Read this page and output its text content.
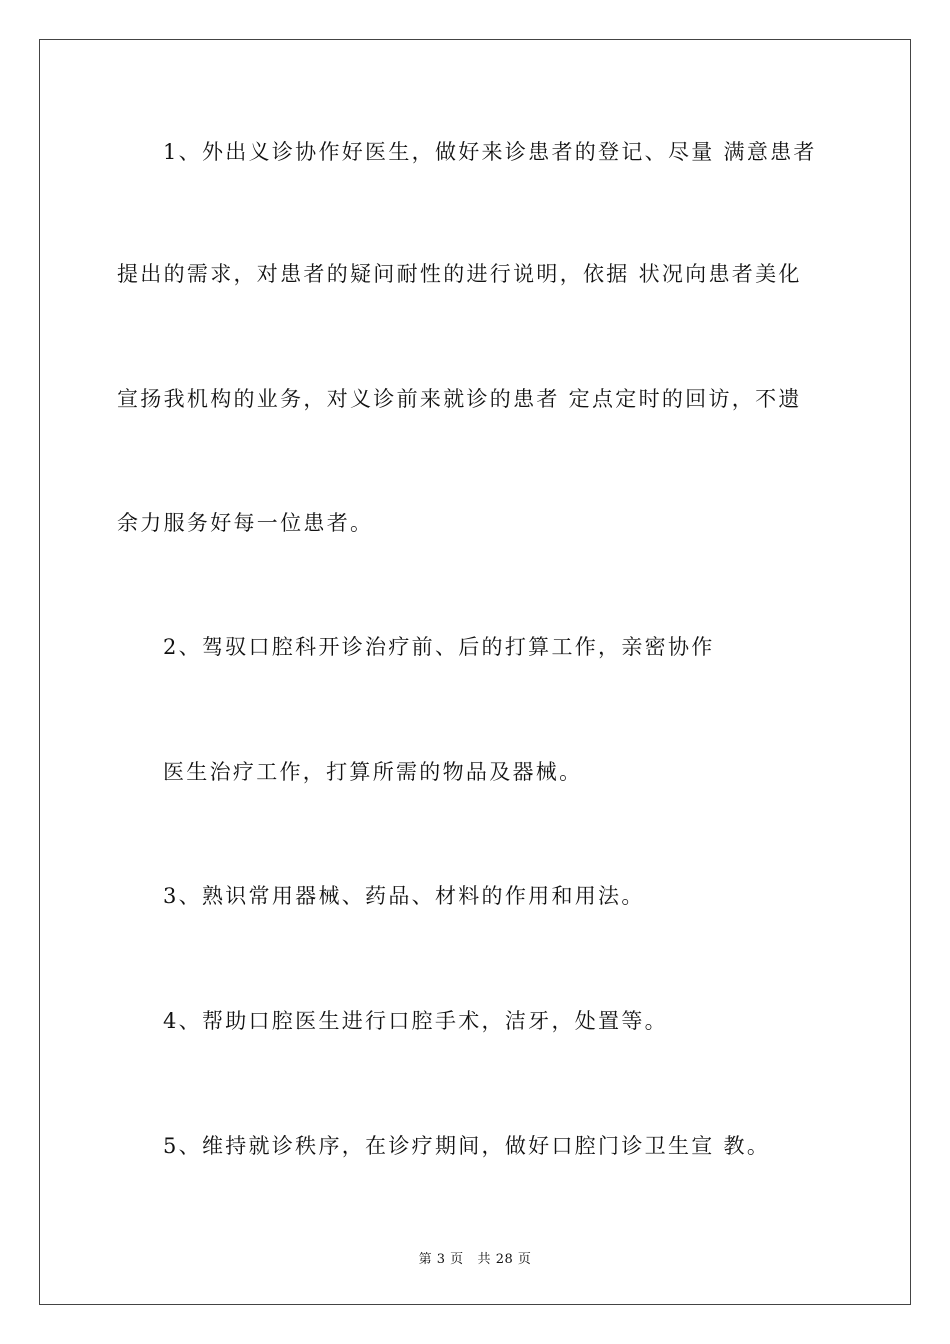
1、外出义诊协作好医生，做好来诊患者的登记、尽量 满意患者
提出的需求，对患者的疑问耐性的进行说明，依据 状况向患者美化
宣扬我机构的业务，对义诊前来就诊的患者 定点定时的回访，不遗
余力服务好每一位患者。
2、驾驭口腔科开诊治疗前、后的打算工作，亲密协作
医生治疗工作，打算所需的物品及器械。
3、熟识常用器械、药品、材料的作用和用法。
4、帮助口腔医生进行口腔手术，洁牙，处置等。
5、维持就诊秩序，在诊疗期间，做好口腔门诊卫生宣 教。
第 3 页   共 28 页
